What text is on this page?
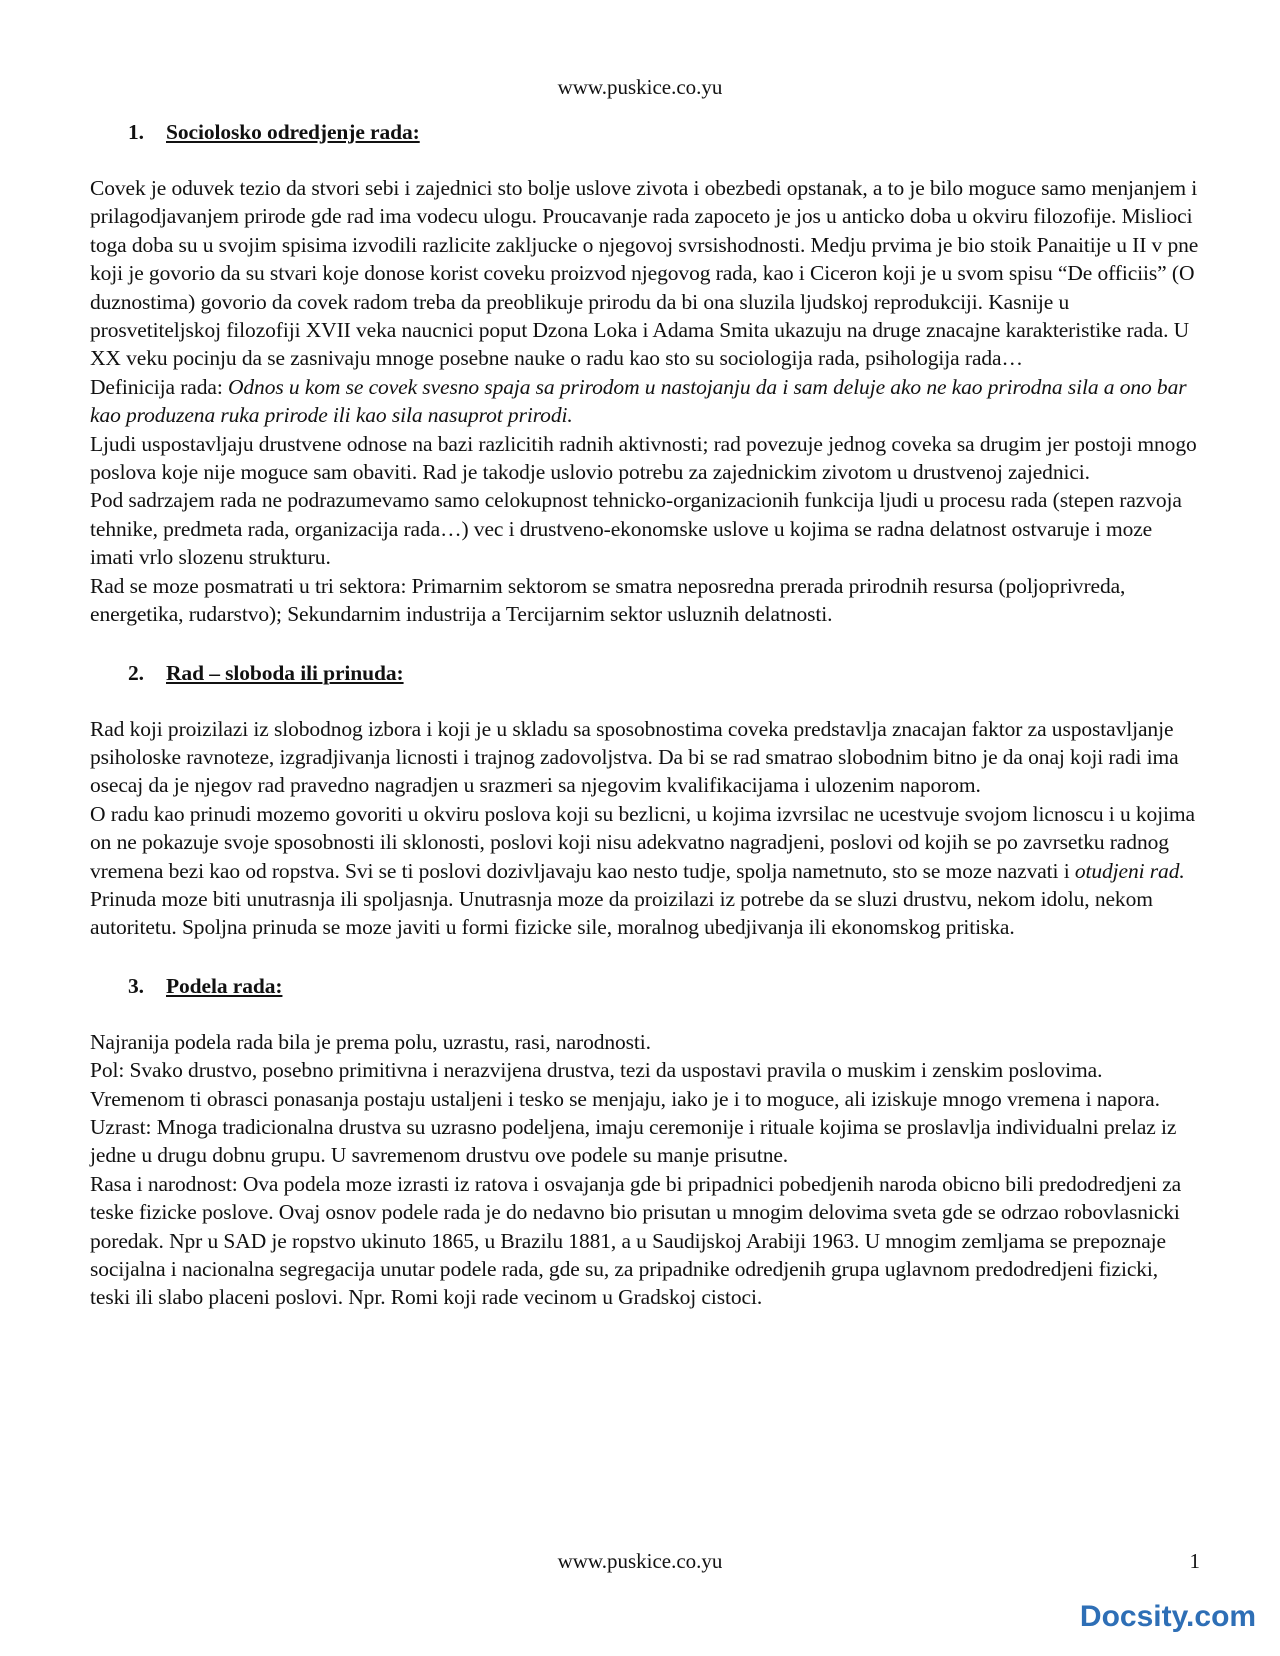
www.puskice.co.yu
1. Sociolosko odredjenje rada:

Covek je oduvek tezio da stvori sebi i zajednici sto bolje uslove zivota i obezbedi opstanak, a to je bilo moguce samo menjanjem i prilagodjavanjem prirode gde rad ima vodecu ulogu. Proucavanje rada zapoceto je jos u anticko doba u okviru filozofije. Mislioci toga doba su u svojim spisima izvodili razlicite zakljucke o njegovoj svrsishodnosti. Medju prvima je bio stoik Panaitije u II v pne koji je govorio da su stvari koje donose korist coveku proizvod njegovog rada, kao i Ciceron koji je u svom spisu “De officiis” (O duznostima) govorio da covek radom treba da preoblikuje prirodu da bi ona sluzila ljudskoj reprodukciji. Kasnije u prosvetiteljskoj filozofiji XVII veka naucnici poput Dzona Loka i Adama Smita ukazuju na druge znacajne karakteristike rada. U XX veku pocinju da se zasnivaju mnoge posebne nauke o radu kao sto su sociologija rada, psihologija rada…

Definicija rada: Odnos u kom se covek svesno spaja sa prirodom u nastojanju da i sam deluje ako ne kao prirodna sila a ono bar kao produzena ruka prirode ili kao sila nasuprot prirodi.

Ljudi uspostavljaju drustvene odnose na bazi razlicitih radnih aktivnosti; rad povezuje jednog coveka sa drugim jer postoji mnogo poslova koje nije moguce sam obaviti. Rad je takodje uslovio potrebu za zajednickim zivotom u drustvenoj zajednici.

Pod sadrzajem rada ne podrazumevamo samo celokupnost tehnicko-organizacionih funkcija ljudi u procesu rada (stepen razvoja tehnike, predmeta rada, organizacija rada…) vec i drustveno-ekonomske uslove u kojima se radna delatnost ostvaruje i moze imati vrlo slozenu strukturu.

Rad se moze posmatrati u tri sektora: Primarnim sektorom se smatra neposredna prerada prirodnih resursa (poljoprivreda, energetika, rudarstvo); Sekundarnim industrija a Tercijarnim sektor usluznih delatnosti.

2. Rad – sloboda ili prinuda:

Rad koji proizilazi iz slobodnog izbora i koji je u skladu sa sposobnostima coveka predstavlja znacajan faktor za uspostavljanje psiholoske ravnoteze, izgradjivanja licnosti i trajnog zadovoljstva. Da bi se rad smatrao slobodnim bitno je da onaj koji radi ima osecaj da je njegov rad pravedno nagradjen u srazmeri sa njegovim kvalifikacijama i ulozenim naporom.

O radu kao prinudi mozemo govoriti u okviru poslova koji su bezlicni, u kojima izvrsilac ne ucestvuje svojom licnoscu i u kojima on ne pokazuje svoje sposobnosti ili sklonosti, poslovi koji nisu adekvatno nagradjeni, poslovi od kojih se po zavrsetku radnog vremena bezi kao od ropstva. Svi se ti poslovi dozivljavaju kao nesto tudje, spolja nametnuto, sto se moze nazvati i otudjeni rad. Prinuda moze biti unutrasnja ili spoljasnja. Unutrasnja moze da proizilazi iz potrebe da se sluzi drustvu, nekom idolu, nekom autoritetu. Spoljna prinuda se moze javiti u formi fizicke sile, moralnog ubedjivanja ili ekonomskog pritiska.

3. Podela rada:

Najranija podela rada bila je prema polu, uzrastu, rasi, narodnosti.

Pol: Svako drustvo, posebno primitivna i nerazvijena drustva, tezi da uspostavi pravila o muskim i zenskim poslovima. Vremenom ti obrasci ponasanja postaju ustaljeni i tesko se menjaju, iako je i to moguce, ali iziskuje mnogo vremena i napora.

Uzrast: Mnoga tradicionalna drustva su uzrasno podeljena, imaju ceremonije i rituale kojima se proslavlja individualni prelaz iz jedne u drugu dobnu grupu. U savremenom drustvu ove podele su manje prisutne.

Rasa i narodnost: Ova podela moze izrasti iz ratova i osvajanja gde bi pripadnici pobedjenih naroda obicno bili predodredjeni za teske fizicke poslove. Ovaj osnov podele rada je do nedavno bio prisutan u mnogim delovima sveta gde se odrzao robovlasnicki poredak. Npr u SAD je ropstvo ukinuto 1865, u Brazilu 1881, a u Saudijskoj Arabiji 1963. U mnogim zemljama se prepoznaje socijalna i nacionalna segregacija unutar podele rada, gde su, za pripadnike odredjenih grupa uglavnom predodredjeni fizicki, teski ili slabo placeni poslovi. Npr. Romi koji rade vecinom u Gradskoj cistoci.

www.puskice.co.yu	1
Docsity.com
